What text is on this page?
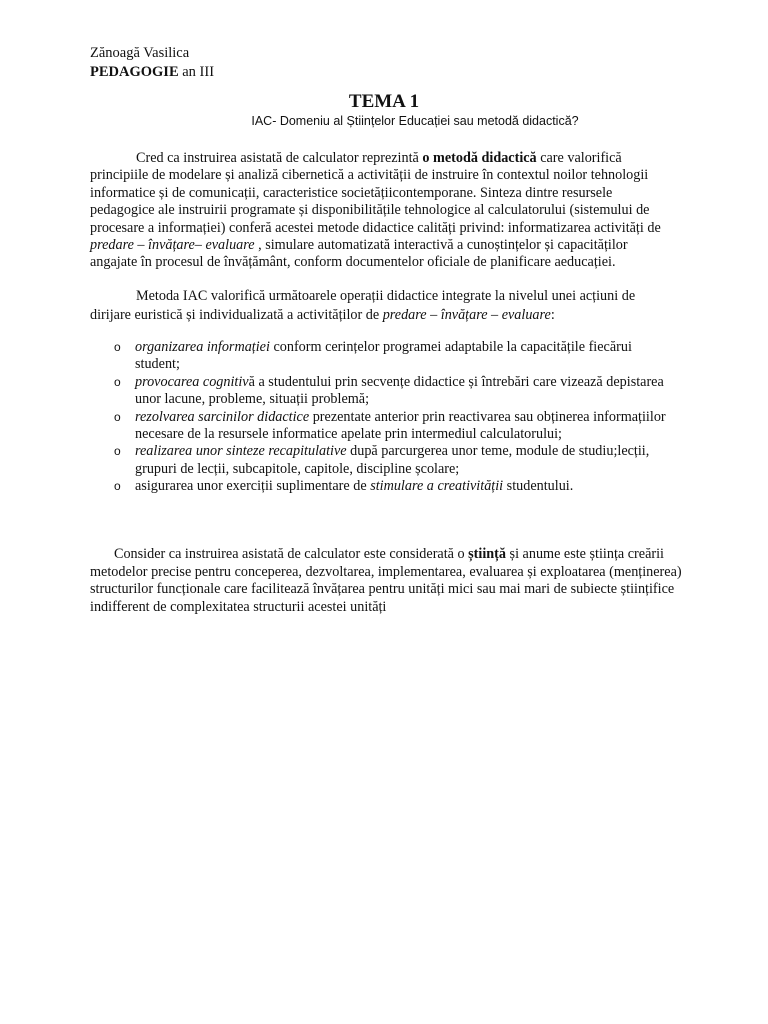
Zănoagă Vasilica
PEDAGOGIE an III
TEMA 1
IAC- Domeniu al Științelor Educației sau metodă didactică?

Cred ca instruirea asistată de calculator reprezintă o metodă didactică care valorifică principiile de modelare și analiză cibernetică a activității de instruire în contextul noilor tehnologii informatice și de comunicații, caracteristice societățiicontemporane. Sinteza dintre resursele pedagogice ale instruirii programate și disponibilitățile tehnologice al calculatorului (sistemului de procesare a informației) conferă acestei metode didactice calități privind: informatizarea activități de predare – învățare– evaluare , simulare automatizată interactivă a cunoștințelor și capacităților angajate în procesul de învățământ, conform documentelor oficiale de planificare aeducației.

Metoda IAC valorifică următoarele operații didactice integrate la nivelul unei acțiuni de dirijare euristică și individualizată a activităților de predare – învățare – evaluare:

o organizarea informației conform cerințelor programei adaptabile la capacitățile fiecărui student;
o provocarea cognitivă a studentului prin secvențe didactice și întrebări care vizează depistarea unor lacune, probleme, situații problemă;
o rezolvarea sarcinilor didactice prezentate anterior prin reactivarea sau obținerea informațiilor necesare de la resursele informatice apelate prin intermediul calculatorului;
o realizarea unor sinteze recapitulative după parcurgerea unor teme, module de studiu;lecții, grupuri de lecții, subcapitole, capitole, discipline școlare;
o asigurarea unor exerciții suplimentare de stimulare a creativității studentului.

Consider ca instruirea asistată de calculator este considerată o știință și anume este știința creării metodelor precise pentru conceperea, dezvoltarea, implementarea, evaluarea și exploatarea (menținerea) structurilor funcționale care facilitează învățarea pentru unități mici sau mai mari de subiecte științifice indifferent de complexitatea structurii acestei unități
